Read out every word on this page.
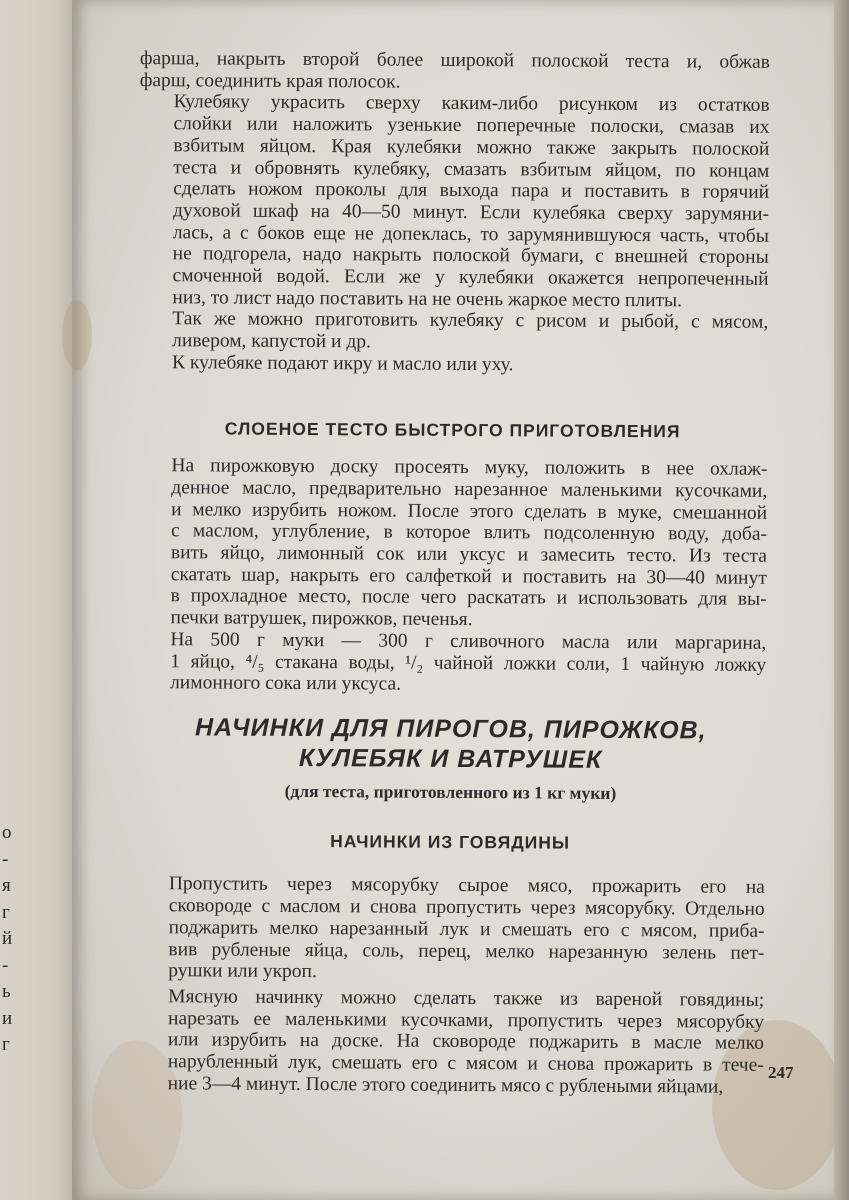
о
-
я
г
й
-
ь
и
г

фарша, накрыть второй более широкой полоской теста и, обжав
фарш, соединить края полосок.

Кулебяку украсить сверху каким-либо рисунком из остатков
слойки или наложить узенькие поперечные полоски, смазав их
взбитым яйцом. Края кулебяки можно также закрыть полоской
теста и обровнять кулебяку, смазать взбитым яйцом, по концам
сделать ножом проколы для выхода пара и поставить в горячий
духовой шкаф на 40—50 минут. Если кулебяка сверху зарумяни-
лась, а с боков еще не допеклась, то зарумянившуюся часть, чтобы
не подгорела, надо накрыть полоской бумаги, с внешней стороны
смоченной водой. Если же у кулебяки окажется непропеченный
низ, то лист надо поставить на не очень жаркое место плиты.

Так же можно приготовить кулебяку с рисом и рыбой, с мясом,
ливером, капустой и др.

К кулебяке подают икру и масло или уху.

СЛОЕНОЕ ТЕСТО БЫСТРОГО ПРИГОТОВЛЕНИЯ

На пирожковую доску просеять муку, положить в нее охлаж-
денное масло, предварительно нарезанное маленькими кусочками,
и мелко изрубить ножом. После этого сделать в муке, смешанной
с маслом, углубление, в которое влить подсоленную воду, доба-
вить яйцо, лимонный сок или уксус и замесить тесто. Из теста
скатать шар, накрыть его салфеткой и поставить на 30—40 минут
в прохладное место, после чего раскатать и использовать для вы-
печки ватрушек, пирожков, печенья.

На 500 г муки — 300 г сливочного масла или маргарина,
1 яйцо, ⁴/₅ стакана воды, ¹/₂ чайной ложки соли, 1 чайную ложку
лимонного сока или уксуса.

НАЧИНКИ ДЛЯ ПИРОГОВ, ПИРОЖКОВ,
КУЛЕБЯК И ВАТРУШЕК

(для теста, приготовленного из 1 кг муки)

НАЧИНКИ ИЗ ГОВЯДИНЫ

Пропустить через мясорубку сырое мясо, прожарить его на
сковороде с маслом и снова пропустить через мясорубку. Отдельно
поджарить мелко нарезанный лук и смешать его с мясом, приба-
вив рубленые яйца, соль, перец, мелко нарезанную зелень пет-
рушки или укроп.

Мясную начинку можно сделать также из вареной говядины;
нарезать ее маленькими кусочками, пропустить через мясорубку
или изрубить на доске. На сковороде поджарить в масле мелко
нарубленный лук, смешать его с мясом и снова прожарить в тече-
ние 3—4 минут. После этого соединить мясо с рублеными яйцами,

247
